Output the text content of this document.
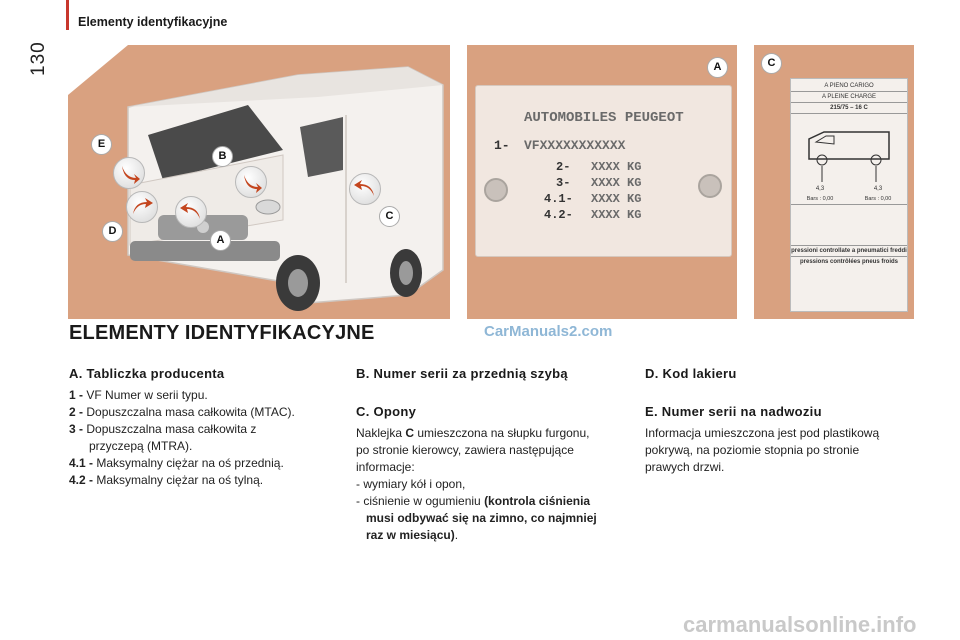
130
Elementy identyfikacyjne
E
B
D
A
C
A
AUTOMOBILES PEUGEOT
1- VFXXXXXXXXXXX
2- XXXX KG
3- XXXX KG
4.1- XXXX KG
4.2- XXXX KG
C
A PIENO CARIGO
A PLEINE CHARGE
215/75 – 16 C
4,3	4,3
Bars : 0,00	Bars : 0,00
pressioni controllate a pneumatici freddi
pressions contrôlées pneus froids
ELEMENTY IDENTYFIKACYJNE	CarManuals2.com
carmanualsonline.info
A. Tabliczka producenta

1 - VF Numer w serii typu.

2 - Dopuszczalna masa całkowita (MTAC).

3 - Dopuszczalna masa całkowita z

przyczepą (MTRA).

4.1 - Maksymalny ciężar na oś przednią.

4.2 - Maksymalny ciężar na oś tylną.

B. Numer serii za przednią szybą
C. Opony
Naklejka C umieszczona na słupku furgonu,
po stronie kierowcy, zawiera następujące
informacje:
- wymiary kół i opon,
- ciśnienie w ogumieniu (kontrola ciśnienia
musi odbywać się na zimno, co najmniej
raz w miesiącu).
D. Kod lakieru
E. Numer serii na nadwoziu
Informacja umieszczona jest pod plastikową
pokrywą, na poziomie stopnia po stronie
prawych drzwi.
